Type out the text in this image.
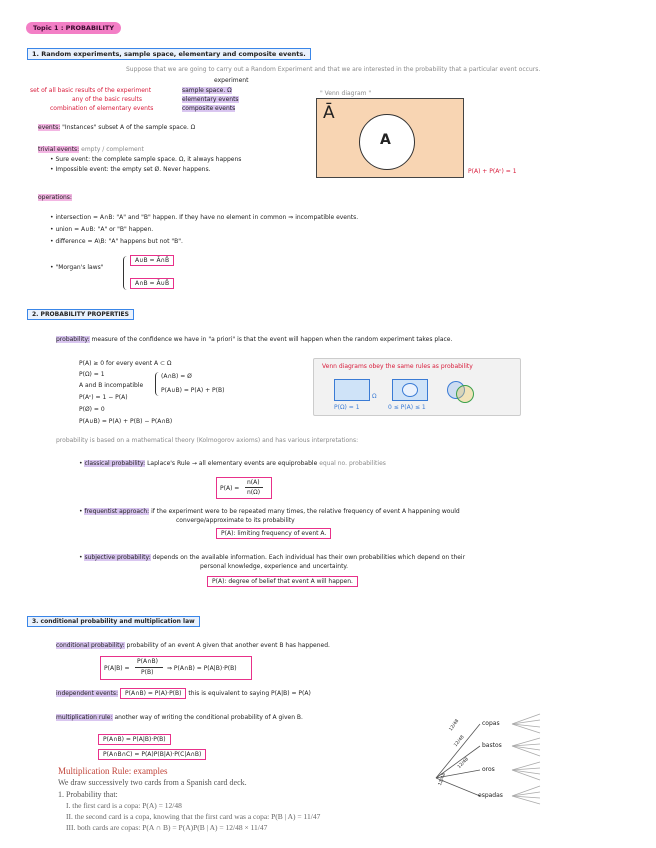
Topic 1 : PROBABILITY
1. Random experiments, sample space, elementary and composite events.
Suppose that we are going to carry out a Random Experiment and that we are interested in the probability that a particular event occurs.
experiment
set of all basic results of the experiment
any of the basic results
combination of elementary events
sample space. Ω
elementary events
composite events
events: "Instances" subset A of the sample space. Ω
trivial events: empty / complement
• Sure event: the complete sample space. Ω, it always happens
• Impossible event: the empty set Ø. Never happens.
operations:
• intersection = A∩B: "A" and "B" happen. If they have no element in common ⇒ incompatible events.
• union = A∪B: "A" or "B" happen.
• difference = A\B: "A" happens but not "B".
• "Morgan's laws"
A∪B = Ā∩B̄
A∩B = Ā∪B̄
" Venn diagram "
Ā
A
P(A) + P(Aᶜ) = 1
2. PROBABILITY PROPERTIES
probability: measure of the confidence we have in "a priori" is that the event will happen when the random experiment takes place.
P(A) ≥ 0 for every event A ⊂ Ω
P(Ω) = 1
A and B incompatible
(A∩B) = Ø
P(A∪B) = P(A) + P(B)
P(Aᶜ) = 1 − P(A)
P(Ø) = 0
P(A∪B) = P(A) + P(B) − P(A∩B)
Venn diagrams obey the same rules as probability
Ω
P(Ω) = 1	0 ≤ P(A) ≤ 1
probability is based on a mathematical theory (Kolmogorov axioms) and has various interpretations:
• classical probability: Laplace's Rule → all elementary events are equiprobable equal no. probabilities
P(A) =
n(A)
n(Ω)
• frequentist approach: if the experiment were to be repeated many times, the relative frequency of event A happening would
converge/approximate to its probability
P(A): limiting frequency of event A.
• subjective probability: depends on the available information. Each individual has their own probabilities which depend on their
personal knowledge, experience and uncertainty.
P(A): degree of belief that event A will happen.
3. conditional probability and multiplication law
conditional probability: probability of an event A given that another event B has happened.
P(A|B) =
P(A∩B)
P(B)
⇒ P(A∩B) = P(A|B)·P(B)
independent events: P(A∩B) = P(A)·P(B) this is equivalent to saying P(A|B) = P(A)
multiplication rule: another way of writing the conditional probability of A given B.
P(A∩B) = P(A|B)·P(B)
P(A∩B∩C) = P(A)P(B|A)·P(C|A∩B)
copas
bastos
oros
espadas
12/48
12/48
12/48
12/48
Multiplication Rule: examples
We draw successively two cards from a Spanish card deck.
1. Probability that:
I. the first card is a copa: P(A) = 12/48
II. the second card is a copa, knowing that the first card was a copa: P(B | A) = 11/47
III. both cards are copas: P(A ∩ B) = P(A)P(B | A) = 12/48 × 11/47
